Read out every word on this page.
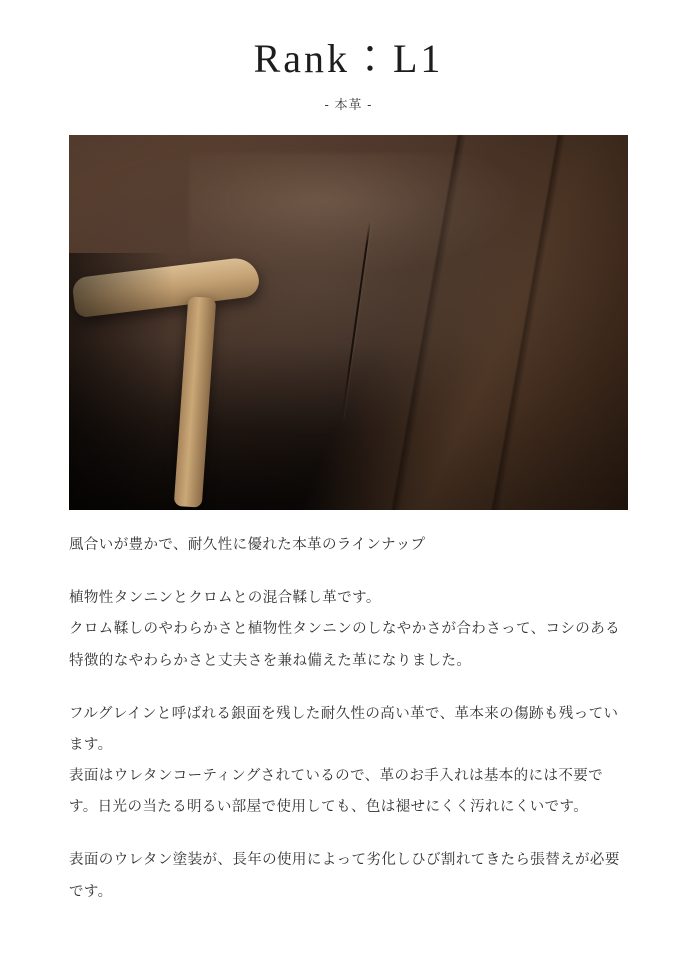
Rank：L1
- 本革 -

風合いが豊かで、耐久性に優れた本革のラインナップ

植物性タンニンとクロムとの混合鞣し革です。
クロム鞣しのやわらかさと植物性タンニンのしなやかさが合わさって、コシのある特徴的なやわらかさと丈夫さを兼ね備えた革になりました。

フルグレインと呼ばれる銀面を残した耐久性の高い革で、革本来の傷跡も残っています。
表面はウレタンコーティングされているので、革のお手入れは基本的には不要です。日光の当たる明るい部屋で使用しても、色は褪せにくく汚れにくいです。

表面のウレタン塗装が、長年の使用によって劣化しひび割れてきたら張替えが必要です。
